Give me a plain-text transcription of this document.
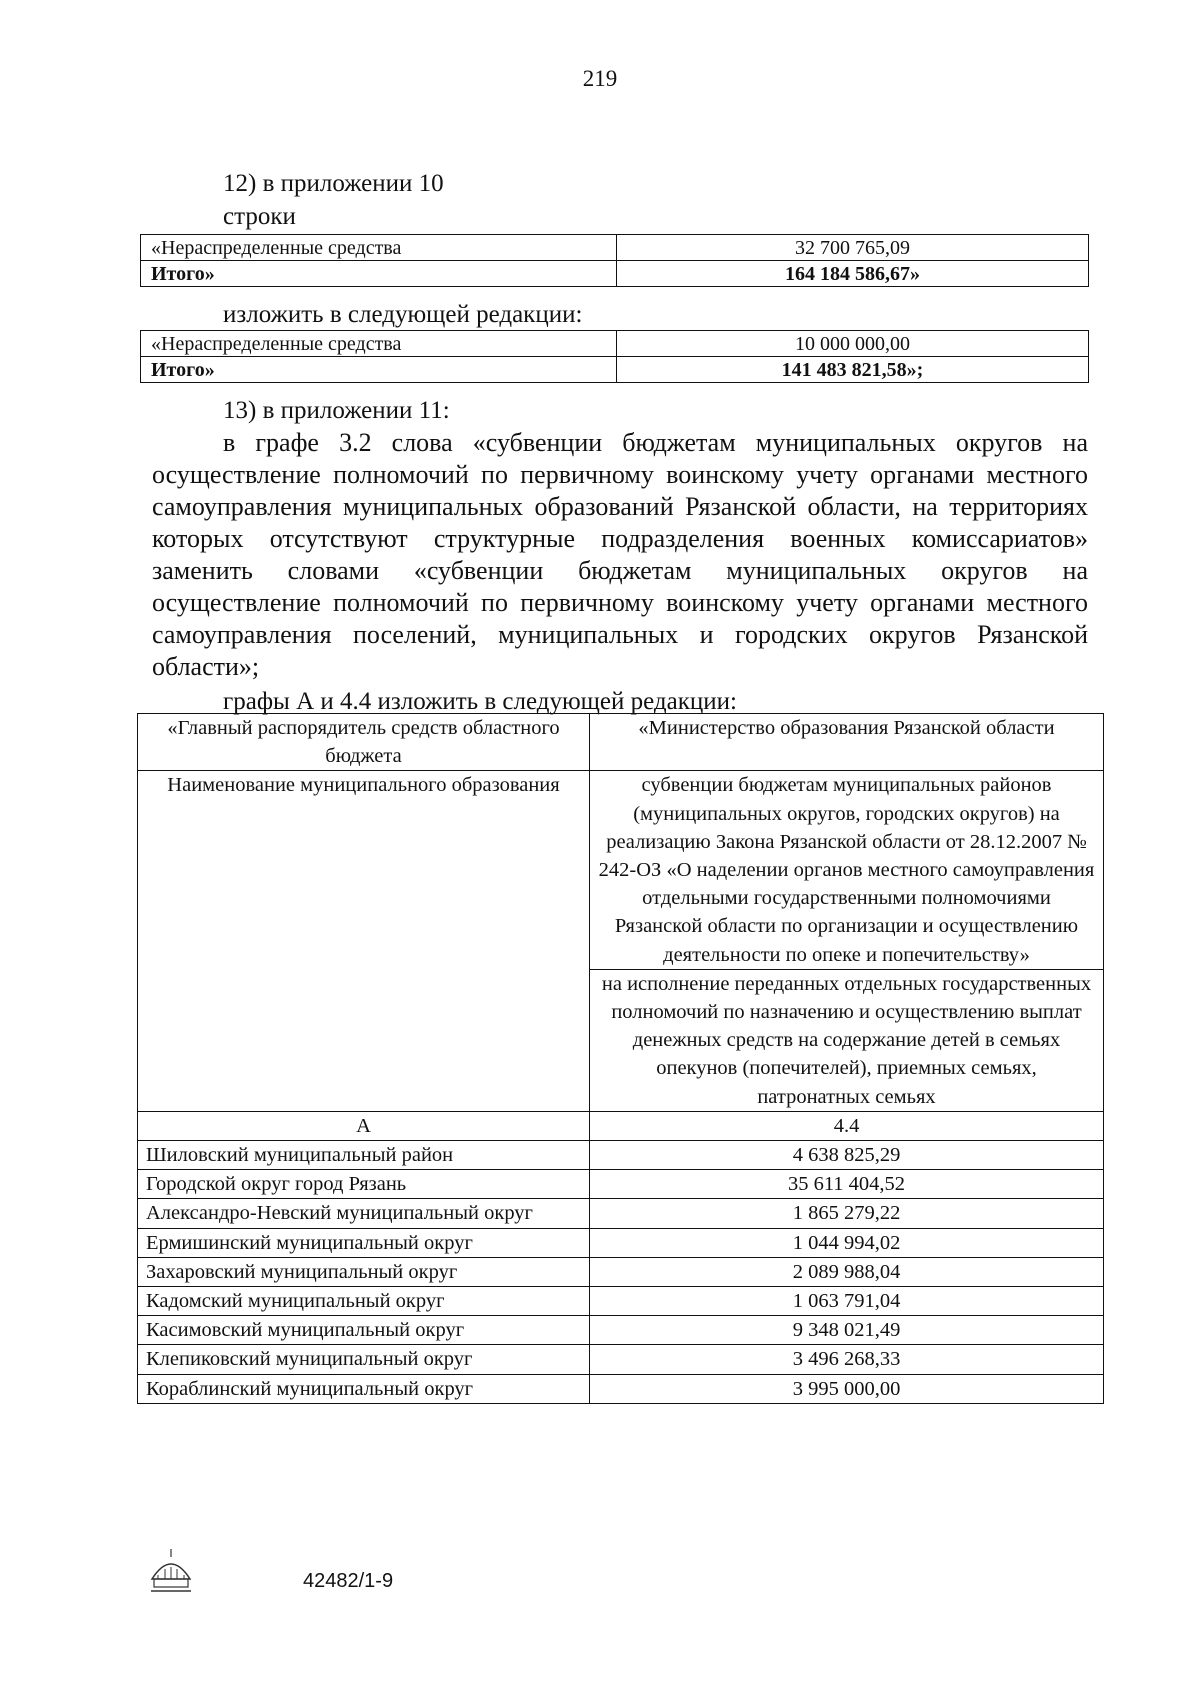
219
12) в приложении 10
строки
«Нераспределенные средства	32 700 765,09
Итого»	164 184 586,67»
изложить в следующей редакции:
«Нераспределенные средства	10 000 000,00
Итого»	141 483 821,58»;
13) в приложении 11:
в графе 3.2 слова «субвенции бюджетам муниципальных округов на осуществление полномочий по первичному воинскому учету органами местного самоуправления муниципальных образований Рязанской области, на территориях которых отсутствуют структурные подразделения военных комиссариатов» заменить словами «субвенции бюджетам муниципальных округов на осуществление полномочий по первичному воинскому учету органами местного самоуправления поселений, муниципальных и городских округов Рязанской области»;
графы А и 4.4 изложить в следующей редакции:
«Главный распорядитель средств областного бюджета	«Министерство образования Рязанской области
Наименование муниципального образования	субвенции бюджетам муниципальных районов (муниципальных округов, городских округов) на реализацию Закона Рязанской области от 28.12.2007 № 242-ОЗ «О наделении органов местного самоуправления отдельными государственными полномочиями Рязанской области по организации и осуществлению деятельности по опеке и попечительству»
	на исполнение переданных отдельных государственных полномочий по назначению и осуществлению выплат денежных средств на содержание детей в семьях опекунов (попечителей), приемных семьях, патронатных семьях
А	4.4
Шиловский муниципальный район	4 638 825,29
Городской округ город Рязань	35 611 404,52
Александро-Невский муниципальный округ	1 865 279,22
Ермишинский муниципальный округ	1 044 994,02
Захаровский муниципальный округ	2 089 988,04
Кадомский муниципальный округ	1 063 791,04
Касимовский муниципальный округ	9 348 021,49
Клепиковский муниципальный округ	3 496 268,33
Кораблинский муниципальный округ	3 995 000,00
42482/1-9
